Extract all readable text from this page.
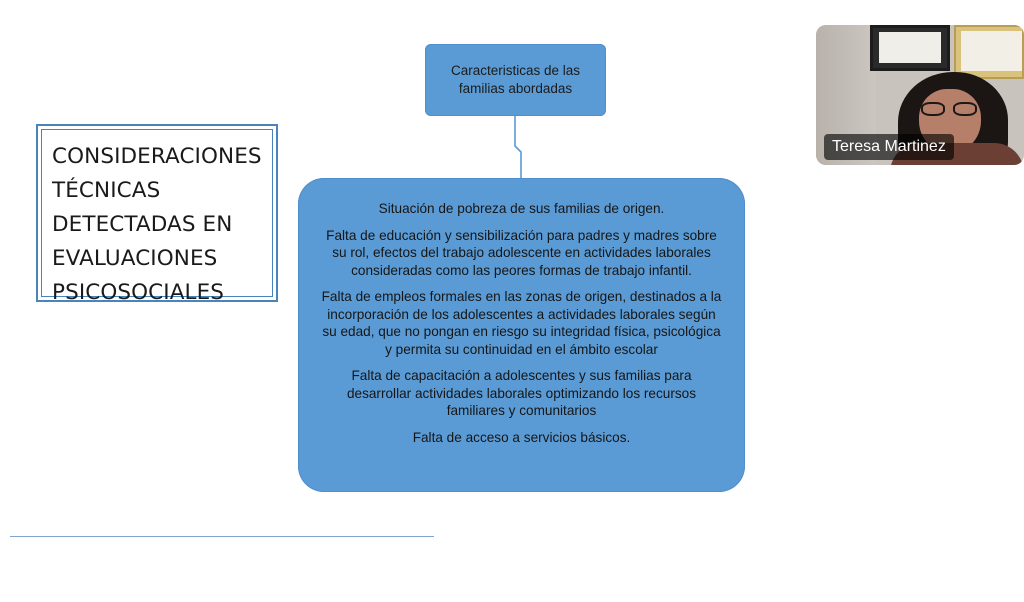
CONSIDERACIONES
TÉCNICAS
DETECTADAS EN
EVALUACIONES
PSICOSOCIALES
Caracteristicas de las familias abordadas

Situación de pobreza de sus familias de origen.

Falta de educación y sensibilización para padres y madres sobre su rol, efectos del trabajo adolescente en actividades laborales consideradas como las peores formas de trabajo infantil.

Falta de empleos formales en las zonas de origen, destinados a la incorporación de los adolescentes a actividades laborales según su edad, que no pongan en riesgo su integridad física, psicológica y permita su continuidad en el ámbito escolar

Falta de capacitación a adolescentes y sus familias para desarrollar actividades laborales optimizando los recursos familiares y comunitarios

Falta de acceso a servicios básicos.

Teresa Martinez
